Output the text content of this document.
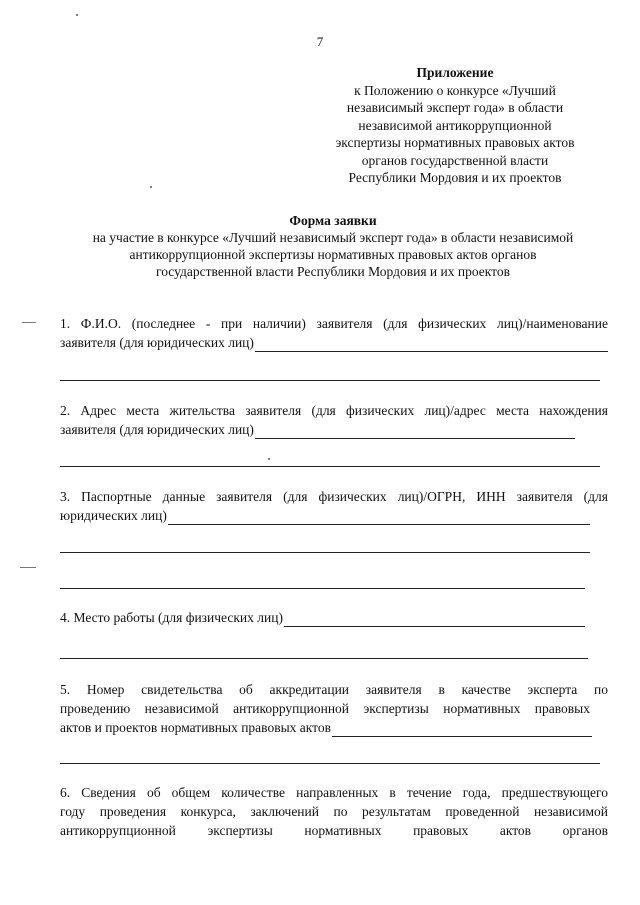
7
Приложение
к Положению о конкурсе «Лучший
независимый эксперт года» в области
независимой антикоррупционной
экспертизы нормативных правовых актов
органов государственной власти
Республики Мордовия и их проектов
Форма заявки
на участие в конкурсе «Лучший независимый эксперт года» в области независимой
антикоррупционной экспертизы нормативных правовых актов органов
государственной власти Республики Мордовия и их проектов

1. Ф.И.О. (последнее - при наличии) заявителя (для физических лиц)/наименование

заявителя (для юридических лиц)

2. Адрес места жительства заявителя (для физических лиц)/адрес места нахождения

заявителя (для юридических лиц)

3. Паспортные данные заявителя (для физических лиц)/ОГРН, ИНН заявителя (для

юридических лиц)
4. Место работы (для физических лиц)

5. Номер свидетельства об аккредитации заявителя в качестве эксперта по

проведению независимой антикоррупционной экспертизы нормативных правовых

актов и проектов нормативных правовых актов

6. Сведения об общем количестве направленных в течение года, предшествующего

году проведения конкурса, заключений по результатам проведенной независимой

антикоррупционной экспертизы нормативных правовых актов органов
